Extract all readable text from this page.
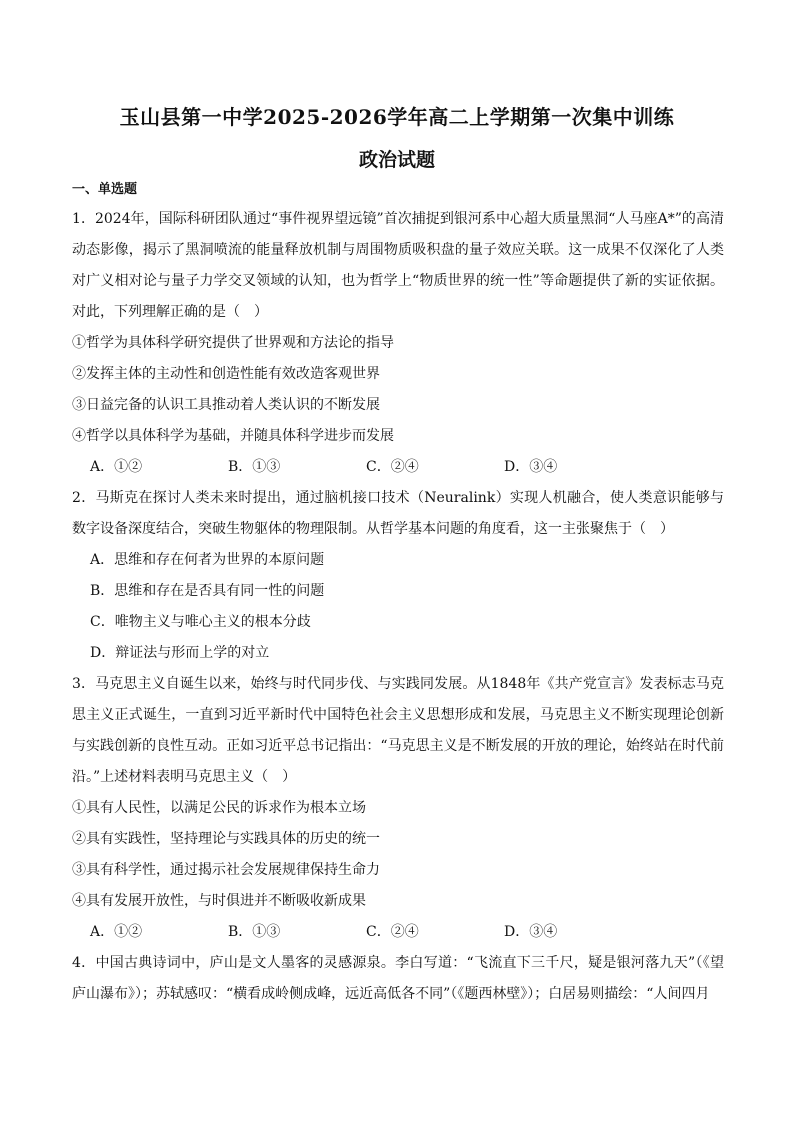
玉山县第一中学2025-2026学年高二上学期第一次集中训练
政治试题
一、单选题
1．2024年，国际科研团队通过“事件视界望远镜”首次捕捉到银河系中心超大质量黑洞“人马座A*”的高清动态影像，揭示了黑洞喷流的能量释放机制与周围物质吸积盘的量子效应关联。这一成果不仅深化了人类对广义相对论与量子力学交叉领域的认知，也为哲学上“物质世界的统一性”等命题提供了新的实证依据。对此，下列理解正确的是（　）
①哲学为具体科学研究提供了世界观和方法论的指导
②发挥主体的主动性和创造性能有效改造客观世界
③日益完备的认识工具推动着人类认识的不断发展
④哲学以具体科学为基础，并随具体科学进步而发展
A．①②	B．①③	C．②④	D．③④
2．马斯克在探讨人类未来时提出，通过脑机接口技术（Neuralink）实现人机融合，使人类意识能够与数字设备深度结合，突破生物躯体的物理限制。从哲学基本问题的角度看，这一主张聚焦于（　）
A．思维和存在何者为世界的本原问题
B．思维和存在是否具有同一性的问题
C．唯物主义与唯心主义的根本分歧
D．辩证法与形而上学的对立
3．马克思主义自诞生以来，始终与时代同步伐、与实践同发展。从1848年《共产党宣言》发表标志马克思主义正式诞生，一直到习近平新时代中国特色社会主义思想形成和发展，马克思主义不断实现理论创新与实践创新的良性互动。正如习近平总书记指出：“马克思主义是不断发展的开放的理论，始终站在时代前沿。”上述材料表明马克思主义（　）
①具有人民性，以满足公民的诉求作为根本立场
②具有实践性，坚持理论与实践具体的历史的统一
③具有科学性，通过揭示社会发展规律保持生命力
④具有发展开放性，与时俱进并不断吸收新成果
A．①②	B．①③	C．②④	D．③④
4．中国古典诗词中，庐山是文人墨客的灵感源泉。李白写道：“飞流直下三千尺，疑是银河落九天”（《望庐山瀑布》）；苏轼感叹：“横看成岭侧成峰，远近高低各不同”（《题西林壁》）；白居易则描绘：“人间四月
